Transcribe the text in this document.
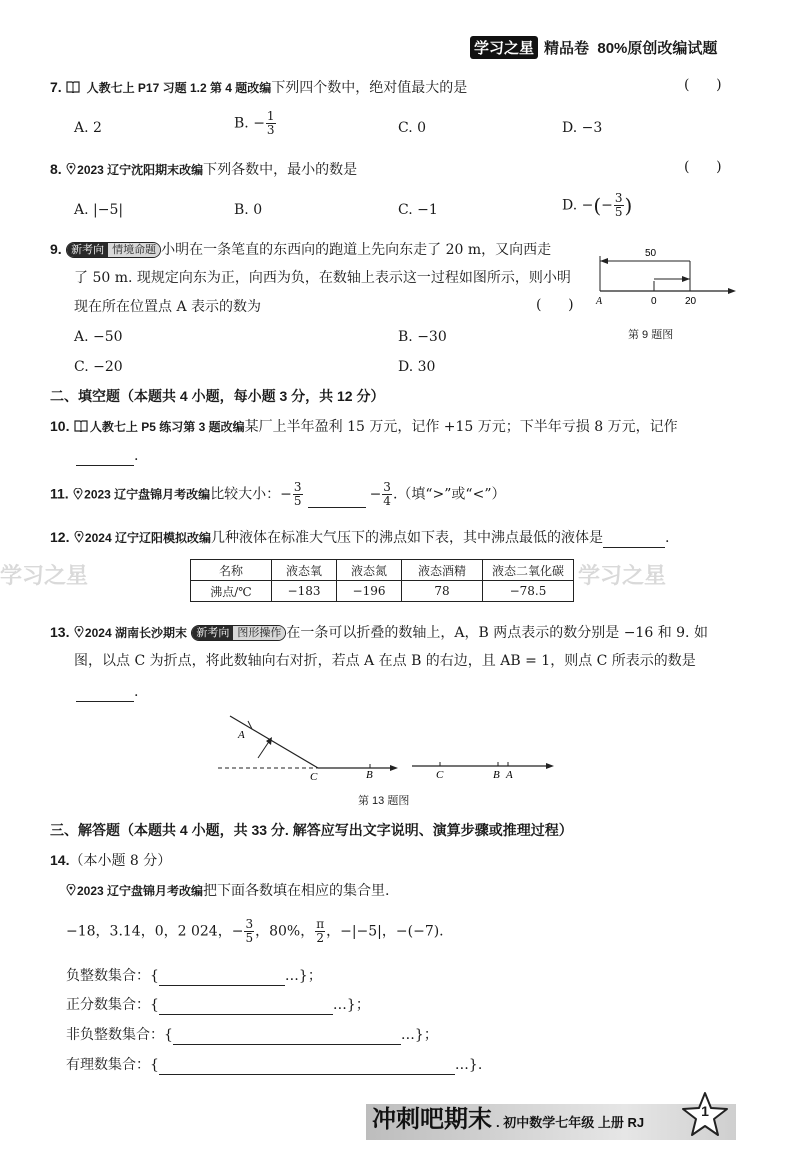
学习之星 精品卷  80%原创改编试题
7. 人教七上 P17 习题 1.2 第 4 题改编下列四个数中，绝对值最大的是	(      )
A. 2	B. − $\frac{1}{3}$	C. 0	D. −3
8. 2023 辽宁沈阳期末改编下列各数中，最小的数是	(      )
A. |−5|	B. 0	C. −1	D. −(− $\frac{3}{5}$ )
9. 新考向 情境命题 小明在一条笔直的东西向的跑道上先向东走了 20 m，又向西走
了 50 m. 现规定向东为正，向西为负，在数轴上表示这一过程如图所示，则小明
现在所在位置点 A 表示的数为	(      )
A. −50	B. −30
C. −20	D. 30
50
A	0	20
第 9 题图
二、填空题（本题共 4 小题，每小题 3 分，共 12 分）
10. 人教七上 P5 练习第 3 题改编某厂上半年盈利 15 万元，记作 +15 万元；下半年亏损 8 万元，记作
.
11. 2023 辽宁盘锦月考改编比较大小：− $\frac{3}{5}$	− $\frac{3}{4}$ .（填“>”或“<”）
12. 2024 辽宁辽阳模拟改编几种液体在标准大气压下的沸点如下表，其中沸点最低的液体是	.
学习之星	学习之星
名称	液态氧	液态氮	液态酒精	液态二氧化碳
沸点/℃	−183	−196	78	−78.5
13. 2024 湖南长沙期末 新考向 图形操作 在一条可以折叠的数轴上，A，B 两点表示的数分别是 −16 和 9. 如
图，以点 C 为折点，将此数轴向右对折，若点 A 在点 B 的右边，且 AB = 1，则点 C 所表示的数是
.
A
C	B	C	B A
第 13 题图
三、解答题（本题共 4 小题，共 33 分. 解答应写出文字说明、演算步骤或推理过程）
14.（本小题 8 分）
2023 辽宁盘锦月考改编把下面各数填在相应的集合里.
−18，3.14，0，2 024，− $\frac{3}{5}$ ，80%， $\frac{\pi}{2}$ ，−|−5|，−(−7).
负整数集合：{	…}；
正分数集合：{	…}；
非负整数集合：{	…}；
有理数集合：{	…}.
冲刺吧期末 . 初中数学七年级 上册 RJ
1
